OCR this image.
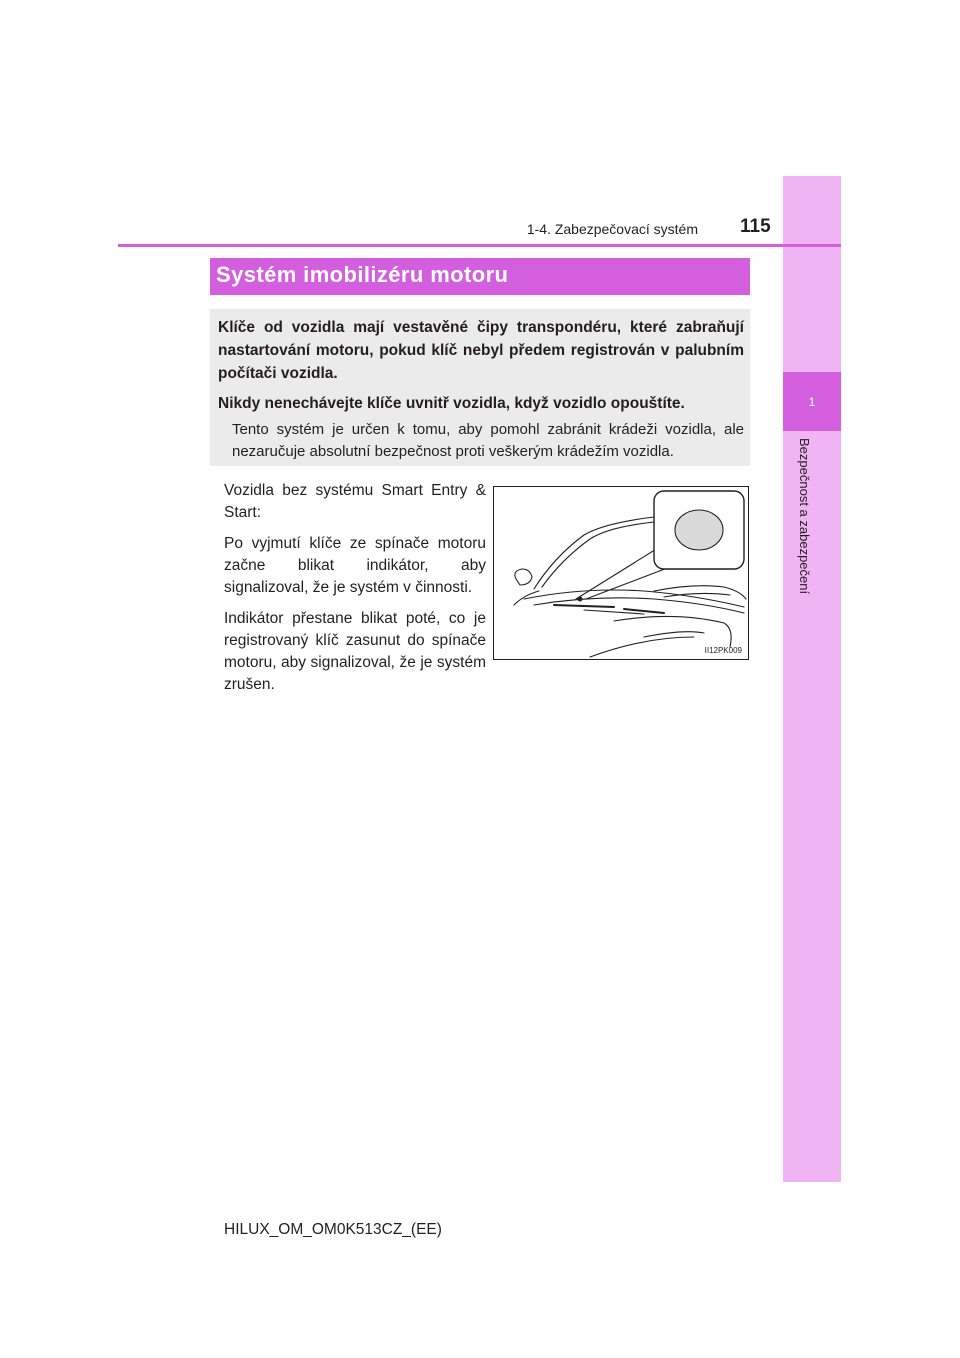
1
Bezpečnost a zabezpečení
1-4. Zabezpečovací systém 115
Systém imobilizéru motoru

Klíče od vozidla mají vestavěné čipy transpondéru, které zabraňují nastartování motoru, pokud klíč nebyl předem registrován v palubním počítači vozidla.

Nikdy nenechávejte klíče uvnitř vozidla, když vozidlo opouštíte.

Tento systém je určen k tomu, aby pomohl zabránit krádeži vozidla, ale nezaručuje absolutní bezpečnost proti veškerým krádežím vozidla.

Vozidla bez systému Smart Entry & Start:

Po vyjmutí klíče ze spínače motoru začne blikat indikátor, aby signalizoval, že je systém v činnosti.

Indikátor přestane blikat poté, co je registrovaný klíč zasunut do spínače motoru, aby signalizoval, že je systém zrušen.

II12PK009
HILUX_OM_OM0K513CZ_(EE)
